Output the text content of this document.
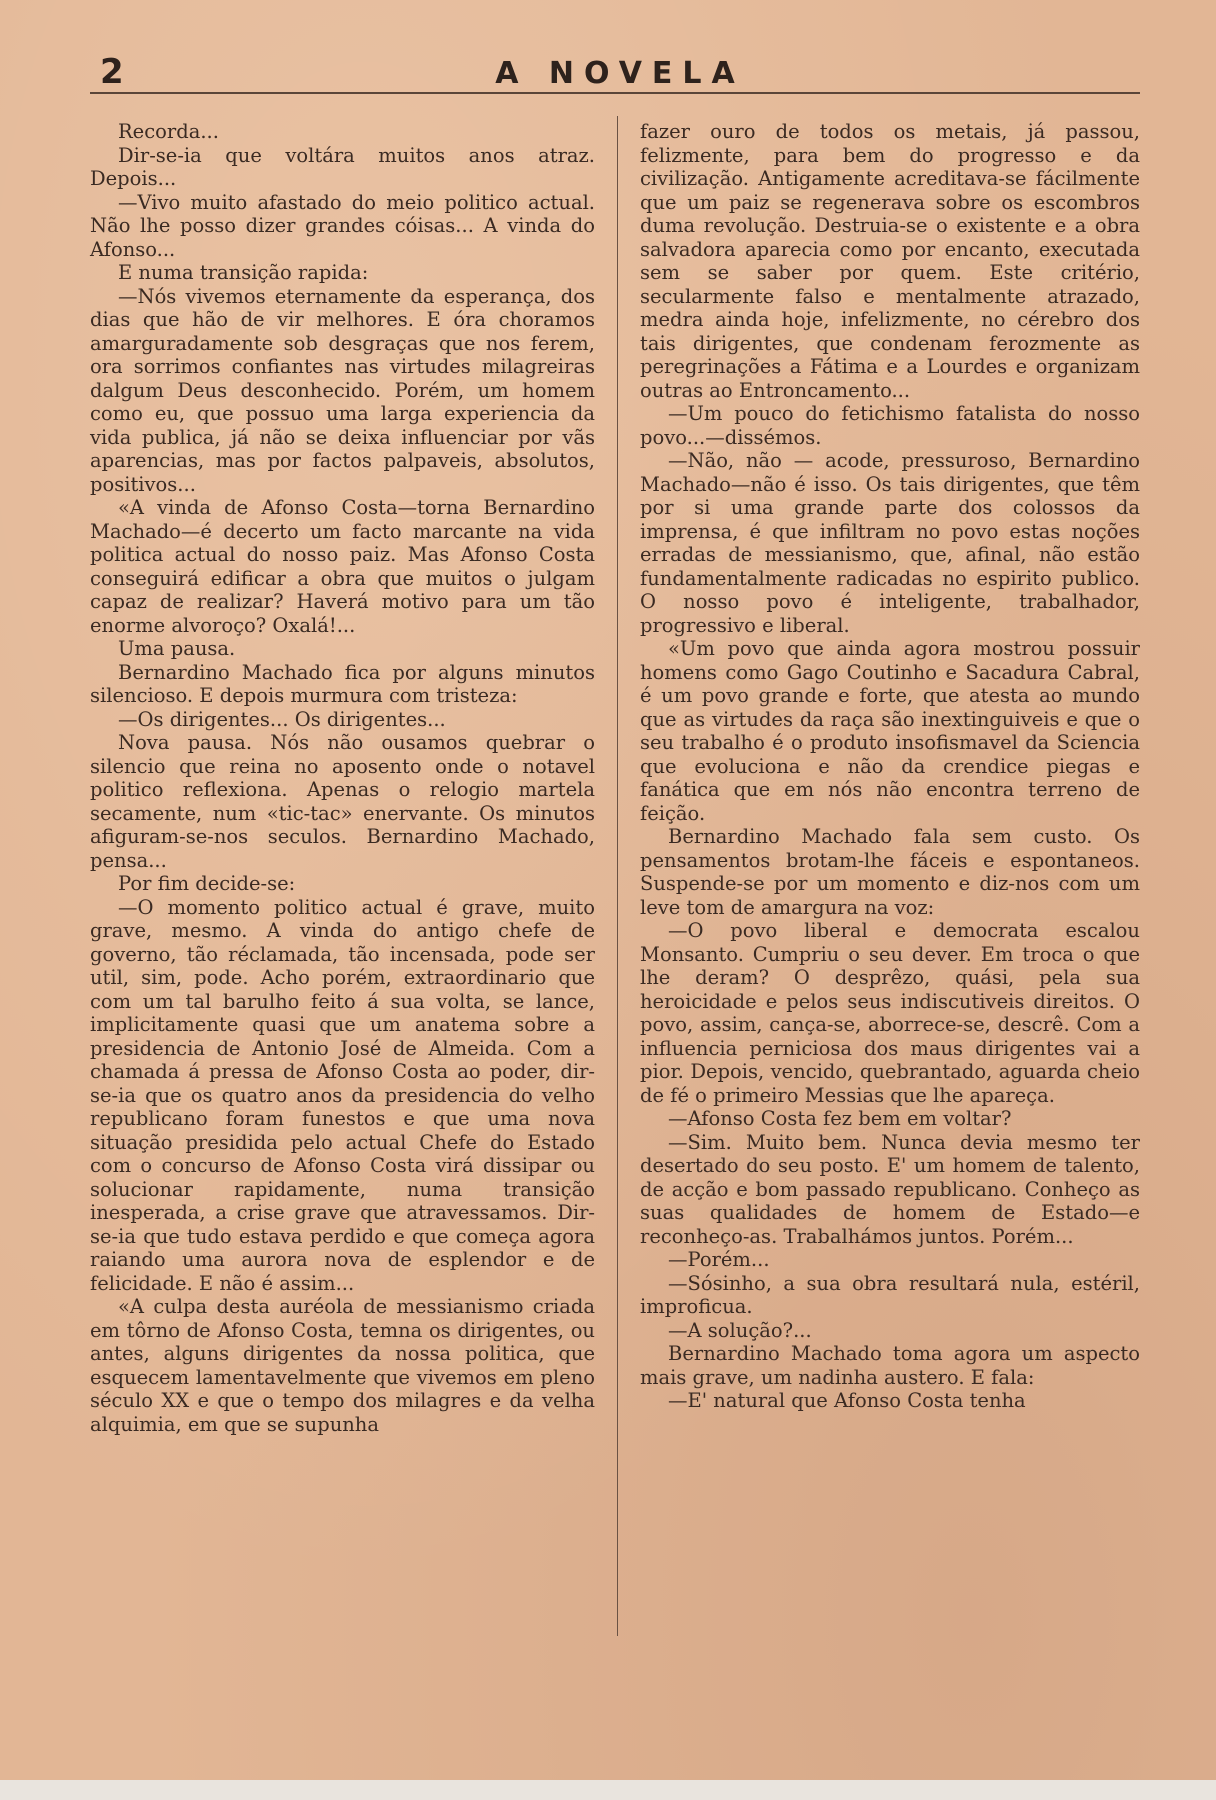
2	A NOVELA

Recorda...

Dir-se-ia que voltára muitos anos atraz. Depois...

—Vivo muito afastado do meio politico actual. Não lhe posso dizer grandes cóisas... A vinda do Afonso...

E numa transição rapida:

—Nós vivemos eternamente da esperança, dos dias que hão de vir melhores. E óra choramos amarguradamente sob desgraças que nos ferem, ora sorrimos confiantes nas virtudes milagreiras dalgum Deus desconhecido. Porém, um homem como eu, que possuo uma larga experiencia da vida publica, já não se deixa influenciar por vãs aparencias, mas por factos palpaveis, absolutos, positivos...

«A vinda de Afonso Costa—torna Bernardino Machado—é decerto um facto marcante na vida politica actual do nosso paiz. Mas Afonso Costa conseguirá edificar a obra que muitos o julgam capaz de realizar? Haverá motivo para um tão enorme alvoroço? Oxalá!...

Uma pausa.

Bernardino Machado fica por alguns minutos silencioso. E depois murmura com tristeza:

—Os dirigentes... Os dirigentes...

Nova pausa. Nós não ousamos quebrar o silencio que reina no aposento onde o notavel politico reflexiona. Apenas o relogio martela secamente, num «tic-tac» enervante. Os minutos afiguram-se-nos seculos. Bernardino Machado, pensa...

Por fim decide-se:

—O momento politico actual é grave, muito grave, mesmo. A vinda do antigo chefe de governo, tão réclamada, tão incensada, pode ser util, sim, pode. Acho porém, extraordinario que com um tal barulho feito á sua volta, se lance, implicitamente quasi que um anatema sobre a presidencia de Antonio José de Almeida. Com a chamada á pressa de Afonso Costa ao poder, dir-se-ia que os quatro anos da presidencia do velho republicano foram funestos e que uma nova situação presidida pelo actual Chefe do Estado com o concurso de Afonso Costa virá dissipar ou solucionar rapidamente, numa transição inesperada, a crise grave que atravessamos. Dir-se-ia que tudo estava perdido e que começa agora raiando uma aurora nova de esplendor e de felicidade. E não é assim...

«A culpa desta auréola de messianismo criada em tôrno de Afonso Costa, temna os dirigentes, ou antes, alguns dirigentes da nossa politica, que esquecem lamentavelmente que vivemos em pleno século XX e que o tempo dos milagres e da velha alquimia, em que se supunha

fazer ouro de todos os metais, já passou, felizmente, para bem do progresso e da civilização. Antigamente acreditava-se fácilmente que um paiz se regenerava sobre os escombros duma revolução. Destruia-se o existente e a obra salvadora aparecia como por encanto, executada sem se saber por quem. Este critério, secularmente falso e mentalmente atrazado, medra ainda hoje, infelizmente, no cérebro dos tais dirigentes, que condenam ferozmente as peregrinações a Fátima e a Lourdes e organizam outras ao Entroncamento...

—Um pouco do fetichismo fatalista do nosso povo...—dissémos.

—Não, não — acode, pressuroso, Bernardino Machado—não é isso. Os tais dirigentes, que têm por si uma grande parte dos colossos da imprensa, é que infiltram no povo estas noções erradas de messianismo, que, afinal, não estão fundamentalmente radicadas no espirito publico. O nosso povo é inteligente, trabalhador, progressivo e liberal.

«Um povo que ainda agora mostrou possuir homens como Gago Coutinho e Sacadura Cabral, é um povo grande e forte, que atesta ao mundo que as virtudes da raça são inextinguiveis e que o seu trabalho é o produto insofismavel da Sciencia que evoluciona e não da crendice piegas e fanática que em nós não encontra terreno de feição.

Bernardino Machado fala sem custo. Os pensamentos brotam-lhe fáceis e espontaneos. Suspende-se por um momento e diz-nos com um leve tom de amargura na voz:

—O povo liberal e democrata escalou Monsanto. Cumpriu o seu dever. Em troca o que lhe deram? O desprêzo, quási, pela sua heroicidade e pelos seus indiscutiveis direitos. O povo, assim, cança-se, aborrece-se, descrê. Com a influencia perniciosa dos maus dirigentes vai a pior. Depois, vencido, quebrantado, aguarda cheio de fé o primeiro Messias que lhe apareça.

—Afonso Costa fez bem em voltar?

—Sim. Muito bem. Nunca devia mesmo ter desertado do seu posto. E' um homem de talento, de acção e bom passado republicano. Conheço as suas qualidades de homem de Estado—e reconheço-as. Trabalhámos juntos. Porém...

—Porém...

—Sósinho, a sua obra resultará nula, estéril, improficua.

—A solução?...

Bernardino Machado toma agora um aspecto mais grave, um nadinha austero. E fala:

—E' natural que Afonso Costa tenha
